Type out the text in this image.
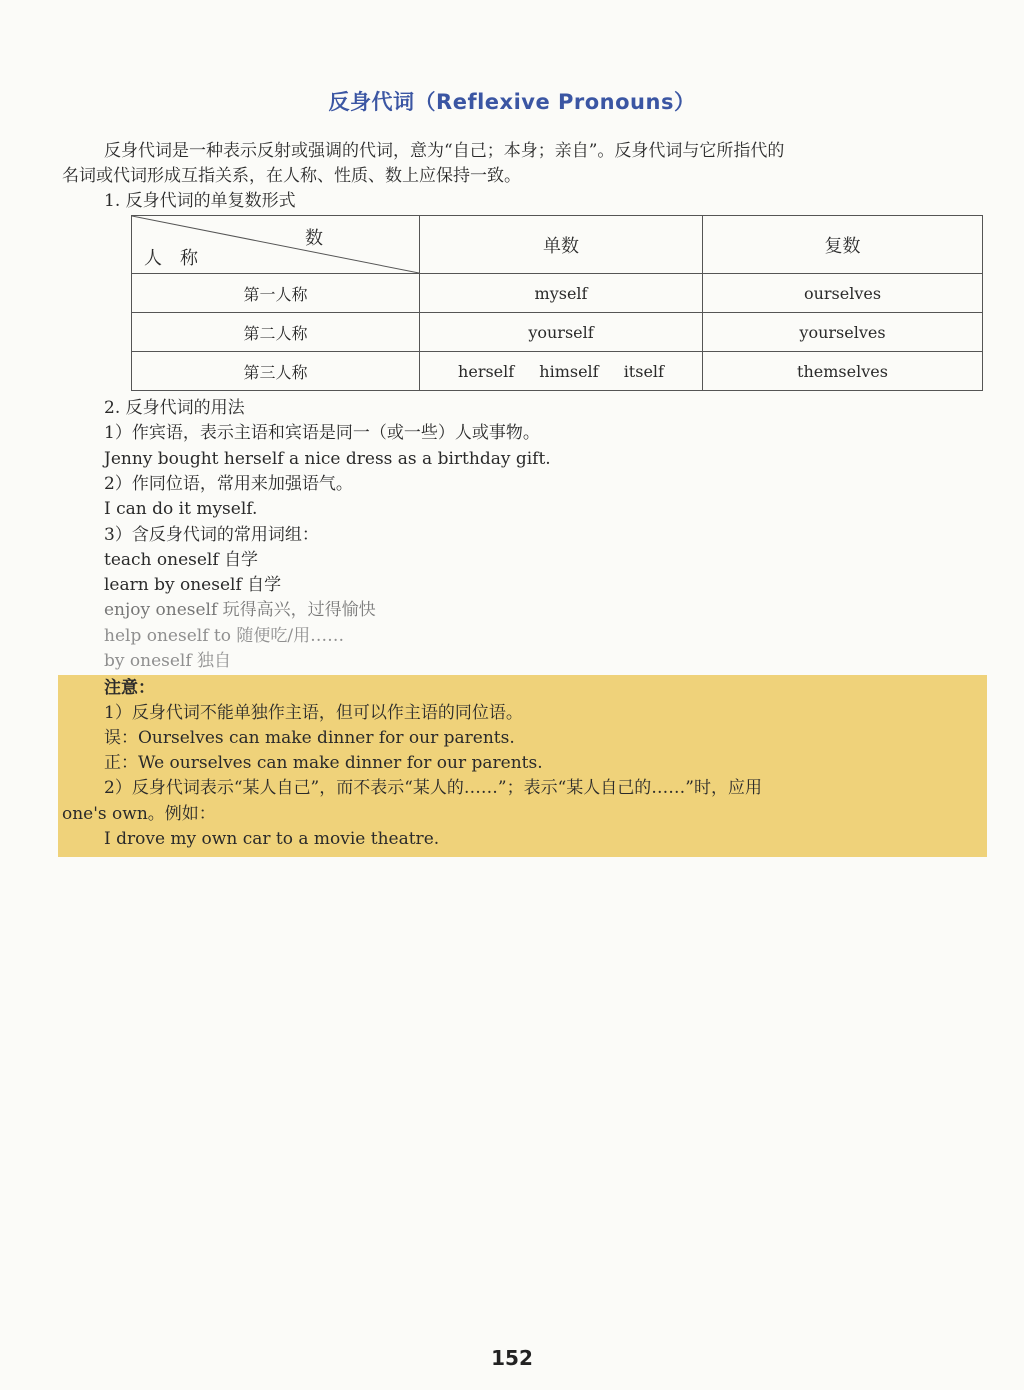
反身代词（Reflexive Pronouns）
反身代词是一种表示反射或强调的代词，意为“自己；本身；亲自”。反身代词与它所指代的
名词或代词形成互指关系，在人称、性质、数上应保持一致。
1. 反身代词的单复数形式
数
人称	单数	复数
第一人称	myself	ourselves
第二人称	yourself	yourselves
第三人称	herself himself itself	themselves
2. 反身代词的用法
1）作宾语，表示主语和宾语是同一（或一些）人或事物。
Jenny bought herself a nice dress as a birthday gift.
2）作同位语，常用来加强语气。
I can do it myself.
3）含反身代词的常用词组：
teach oneself 自学
learn by oneself 自学
enjoy oneself 玩得高兴，过得愉快
help oneself to 随便吃/用……
by oneself 独自
注意：
1）反身代词不能单独作主语，但可以作主语的同位语。
误：Ourselves can make dinner for our parents.
正：We ourselves can make dinner for our parents.
2）反身代词表示“某人自己”，而不表示“某人的……”；表示“某人自己的……”时，应用
one's own。例如：
I drove my own car to a movie theatre.
152
